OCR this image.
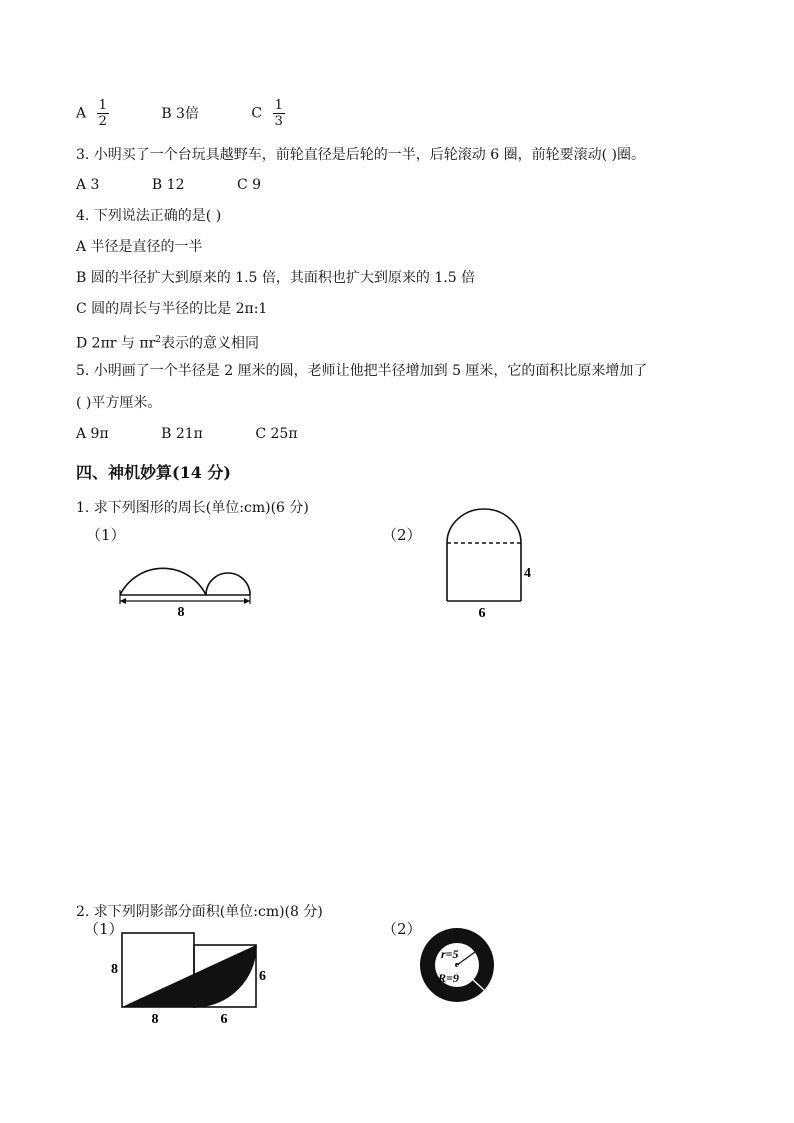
A $\frac{1}{2}$	B 3倍	C $\frac{1}{3}$
3. 小明买了一个台玩具越野车，前轮直径是后轮的一半，后轮滚动 6 圈，前轮要滚动( )圈。
A 3	B 12	C 9
4. 下列说法正确的是( )
A 半径是直径的一半
B 圆的半径扩大到原来的 1.5 倍，其面积也扩大到原来的 1.5 倍
C 圆的周长与半径的比是 2π:1
D 2πr 与 $\pi r^2$表示的意义相同
5. 小明画了一个半径是 2 厘米的圆，老师让他把半径增加到 5 厘米，它的面积比原来增加了
( )平方厘米。
A 9π	B 21π	C 25π
四、神机妙算(14 分)
1. 求下列图形的周长(单位:cm)(6 分)
（1）	（2）
8
4
6
2. 求下列阴影部分面积(单位:cm)(8 分)
（1）	（2）
8	6
8	6
r=5
R=9
